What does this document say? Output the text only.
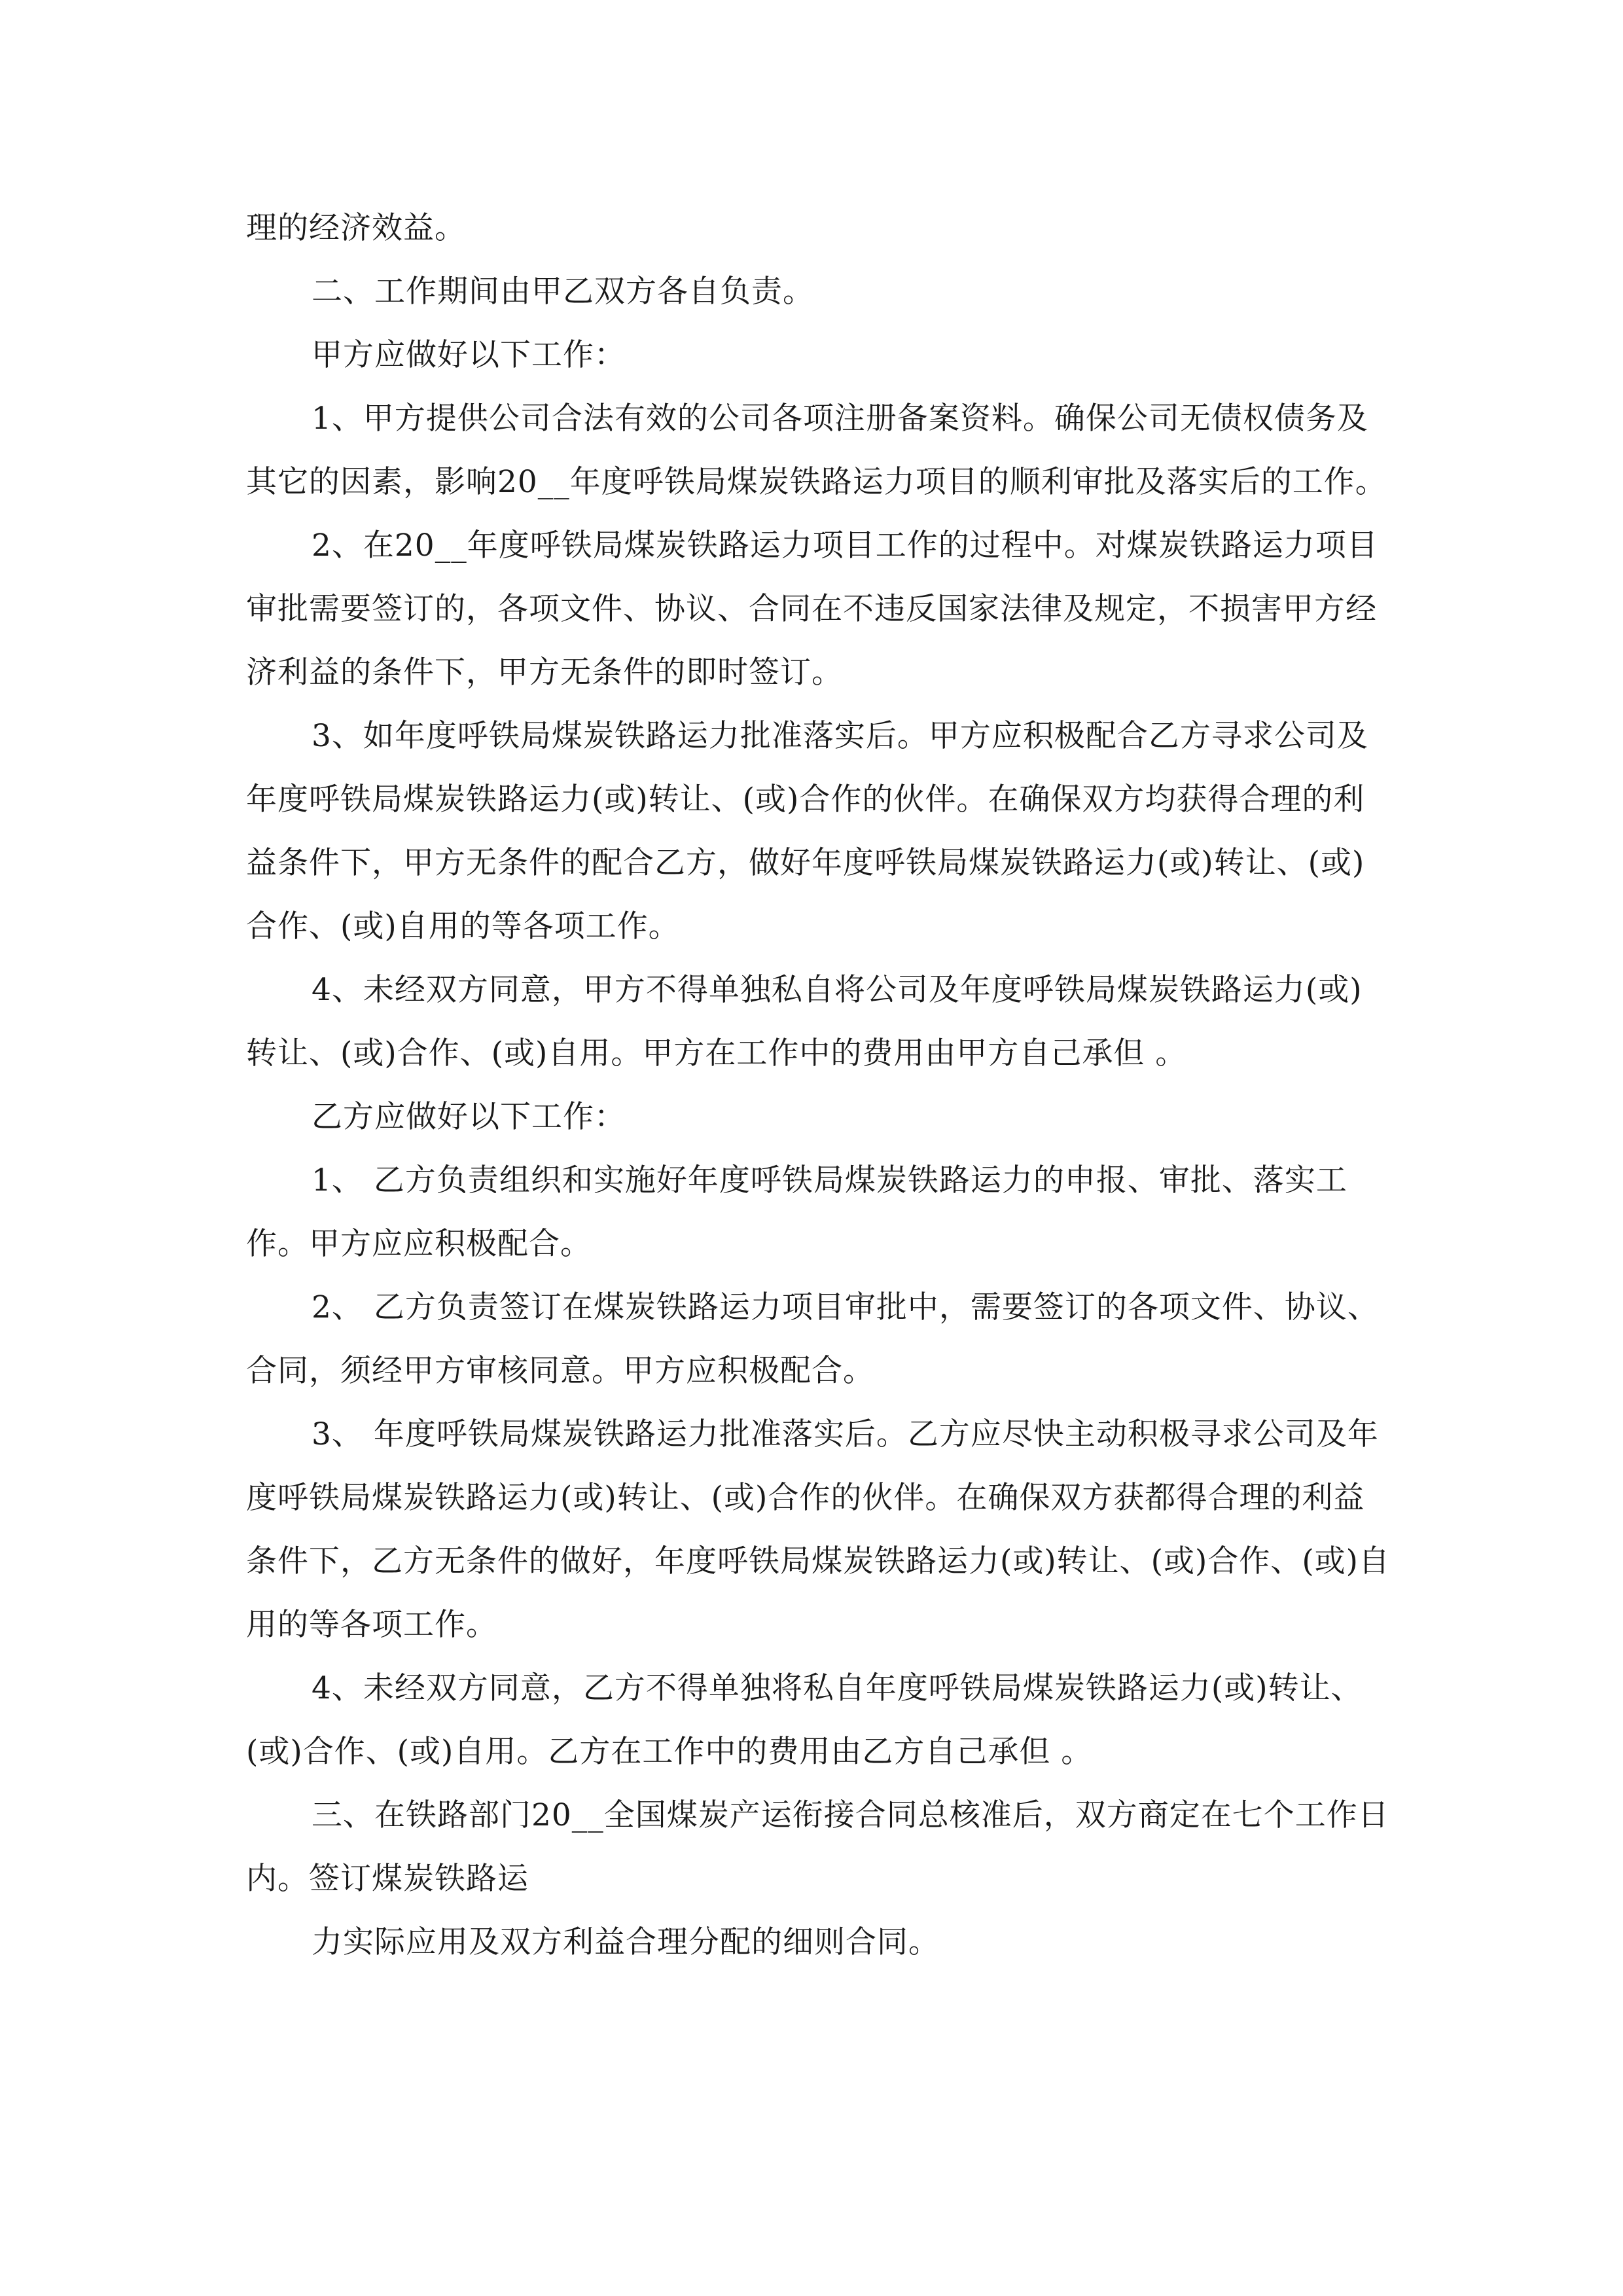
理的经济效益。

二、工作期间由甲乙双方各自负责。

甲方应做好以下工作：

1、甲方提供公司合法有效的公司各项注册备案资料。确保公司无债权债务及其它的因素，影响20__年度呼铁局煤炭铁路运力项目的顺利审批及落实后的工作。

2、在20__年度呼铁局煤炭铁路运力项目工作的过程中。对煤炭铁路运力项目审批需要签订的，各项文件、协议、合同在不违反国家法律及规定，不损害甲方经济利益的条件下，甲方无条件的即时签订。

3、如年度呼铁局煤炭铁路运力批准落实后。甲方应积极配合乙方寻求公司及年度呼铁局煤炭铁路运力(或)转让、(或)合作的伙伴。在确保双方均获得合理的利益条件下，甲方无条件的配合乙方，做好年度呼铁局煤炭铁路运力(或)转让、(或)合作、(或)自用的等各项工作。

4、未经双方同意，甲方不得单独私自将公司及年度呼铁局煤炭铁路运力(或)转让、(或)合作、(或)自用。甲方在工作中的费用由甲方自己承但 。

乙方应做好以下工作：

1、 乙方负责组织和实施好年度呼铁局煤炭铁路运力的申报、审批、落实工作。甲方应应积极配合。

2、 乙方负责签订在煤炭铁路运力项目审批中，需要签订的各项文件、协议、合同，须经甲方审核同意。甲方应积极配合。

3、 年度呼铁局煤炭铁路运力批准落实后。乙方应尽快主动积极寻求公司及年度呼铁局煤炭铁路运力(或)转让、(或)合作的伙伴。在确保双方获都得合理的利益条件下，乙方无条件的做好，年度呼铁局煤炭铁路运力(或)转让、(或)合作、(或)自用的等各项工作。

4、未经双方同意，乙方不得单独将私自年度呼铁局煤炭铁路运力(或)转让、(或)合作、(或)自用。乙方在工作中的费用由乙方自己承但 。

三、在铁路部门20__全国煤炭产运衔接合同总核准后，双方商定在七个工作日内。签订煤炭铁路运

力实际应用及双方利益合理分配的细则合同。
